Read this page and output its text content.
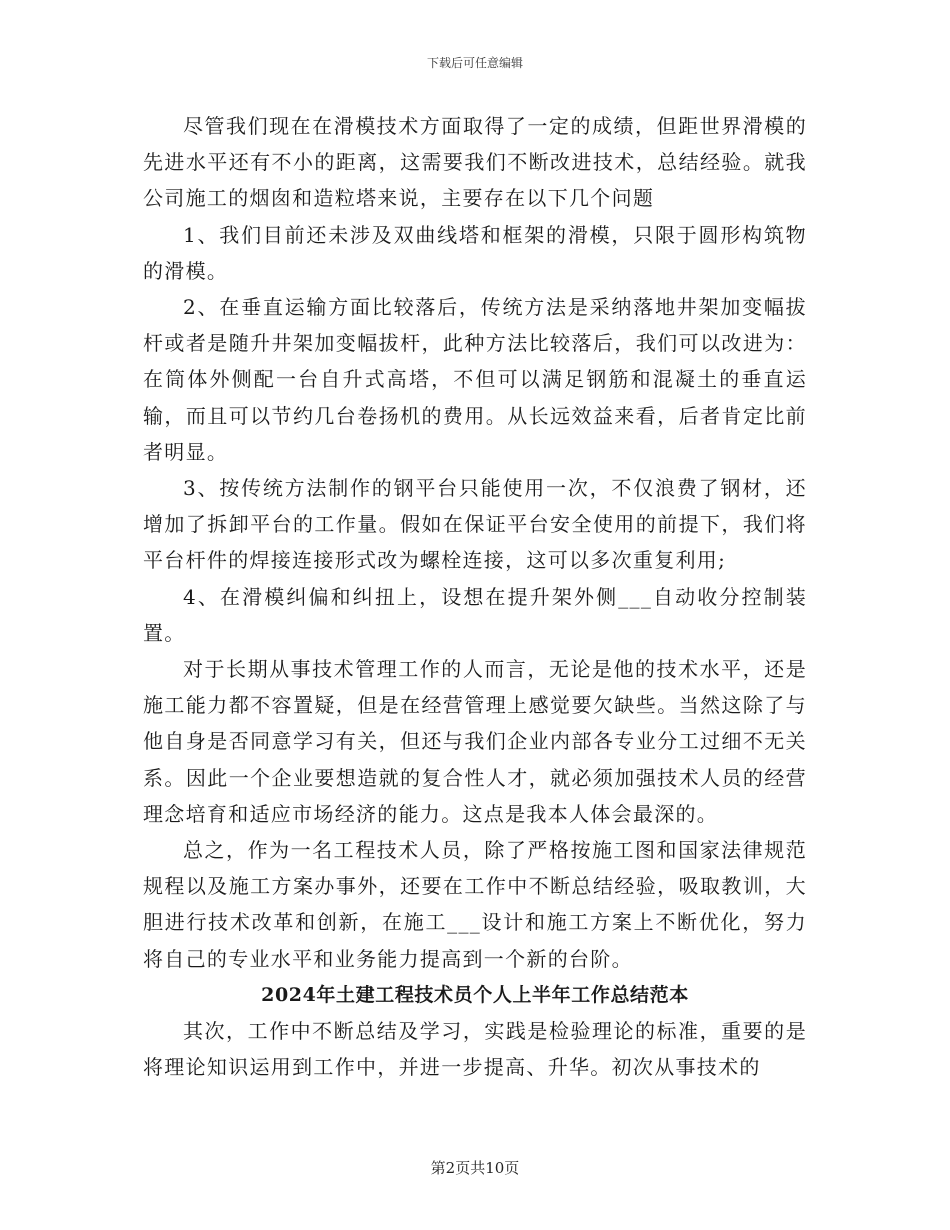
下载后可任意编辑

尽管我们现在在滑模技术方面取得了一定的成绩，但距世界滑模的先进水平还有不小的距离，这需要我们不断改进技术，总结经验。就我公司施工的烟囱和造粒塔来说，主要存在以下几个问题

1、我们目前还未涉及双曲线塔和框架的滑模，只限于圆形构筑物的滑模。

2、在垂直运输方面比较落后，传统方法是采纳落地井架加变幅拔杆或者是随升井架加变幅拔杆，此种方法比较落后，我们可以改进为：在筒体外侧配一台自升式高塔，不但可以满足钢筋和混凝土的垂直运输，而且可以节约几台卷扬机的费用。从长远效益来看，后者肯定比前者明显。

3、按传统方法制作的钢平台只能使用一次，不仅浪费了钢材，还增加了拆卸平台的工作量。假如在保证平台安全使用的前提下，我们将平台杆件的焊接连接形式改为螺栓连接，这可以多次重复利用;

4、在滑模纠偏和纠扭上，设想在提升架外侧___自动收分控制装置。

对于长期从事技术管理工作的人而言，无论是他的技术水平，还是施工能力都不容置疑，但是在经营管理上感觉要欠缺些。当然这除了与他自身是否同意学习有关，但还与我们企业内部各专业分工过细不无关系。因此一个企业要想造就的复合性人才，就必须加强技术人员的经营理念培育和适应市场经济的能力。这点是我本人体会最深的。

总之，作为一名工程技术人员，除了严格按施工图和国家法律规范规程以及施工方案办事外，还要在工作中不断总结经验，吸取教训，大胆进行技术改革和创新，在施工___设计和施工方案上不断优化，努力将自己的专业水平和业务能力提高到一个新的台阶。

2024年土建工程技术员个人上半年工作总结范本

其次，工作中不断总结及学习，实践是检验理论的标准，重要的是将理论知识运用到工作中，并进一步提高、升华。初次从事技术的

第2页共10页
